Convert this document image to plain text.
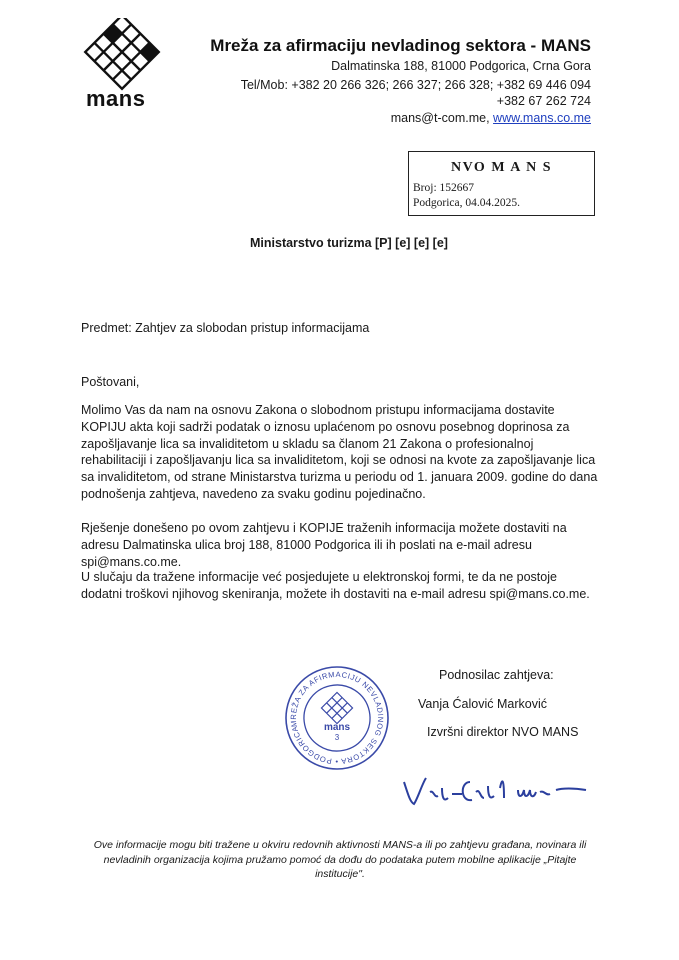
mans
Mreža za afirmaciju nevladinog sektora - MANS
Dalmatinska 188, 81000 Podgorica, Crna Gora
Tel/Mob: +382 20 266 326; 266 327; 266 328; +382 69 446 094
+382 67 262 724
mans@t-com.me, www.mans.co.me
NVO M A N S
Broj: 152667
Podgorica, 04.04.2025.
Ministarstvo turizma [P] [e] [e] [e]
Predmet: Zahtjev za slobodan pristup informacijama
Poštovani,
Molimo Vas da nam na osnovu Zakona o slobodnom pristupu informacijama dostavite KOPIJU akta koji sadrži podatak o iznosu uplaćenom po osnovu posebnog doprinosa za zapošljavanje lica sa invaliditetom u skladu sa članom 21 Zakona o profesionalnoj rehabilitaciji i zapošljavanju lica sa invaliditetom, koji se odnosi na kvote za zapošljavanje lica sa invaliditetom, od strane Ministarstva turizma u periodu od 1. januara 2009. godine do dana podnošenja zahtjeva, navedeno za svaku godinu pojedinačno.
Rješenje donešeno po ovom zahtjevu i KOPIJE traženih informacija možete dostaviti na adresu Dalmatinska ulica broj 188, 81000 Podgorica ili ih poslati na e-mail adresu spi@mans.co.me.
U slučaju da tražene informacije već posjedujete u elektronskoj formi, te da ne postoje dodatni troškovi njihovog skeniranja, možete ih dostaviti na e-mail adresu spi@mans.co.me.
Podnosilac zahtjeva:
Vanja Ćalović Marković
Izvršni direktor NVO MANS
MREŽA ZA AFIRMACIJU NEVLADINOG SEKTORA • PODGORICA	mans
3
Ove informacije mogu biti tražene u okviru redovnih aktivnosti MANS-a ili po zahtjevu građana, novinara ili nevladinih organizacija kojima pružamo pomoć da dođu do podataka putem mobilne aplikacije „Pitajte institucije".
